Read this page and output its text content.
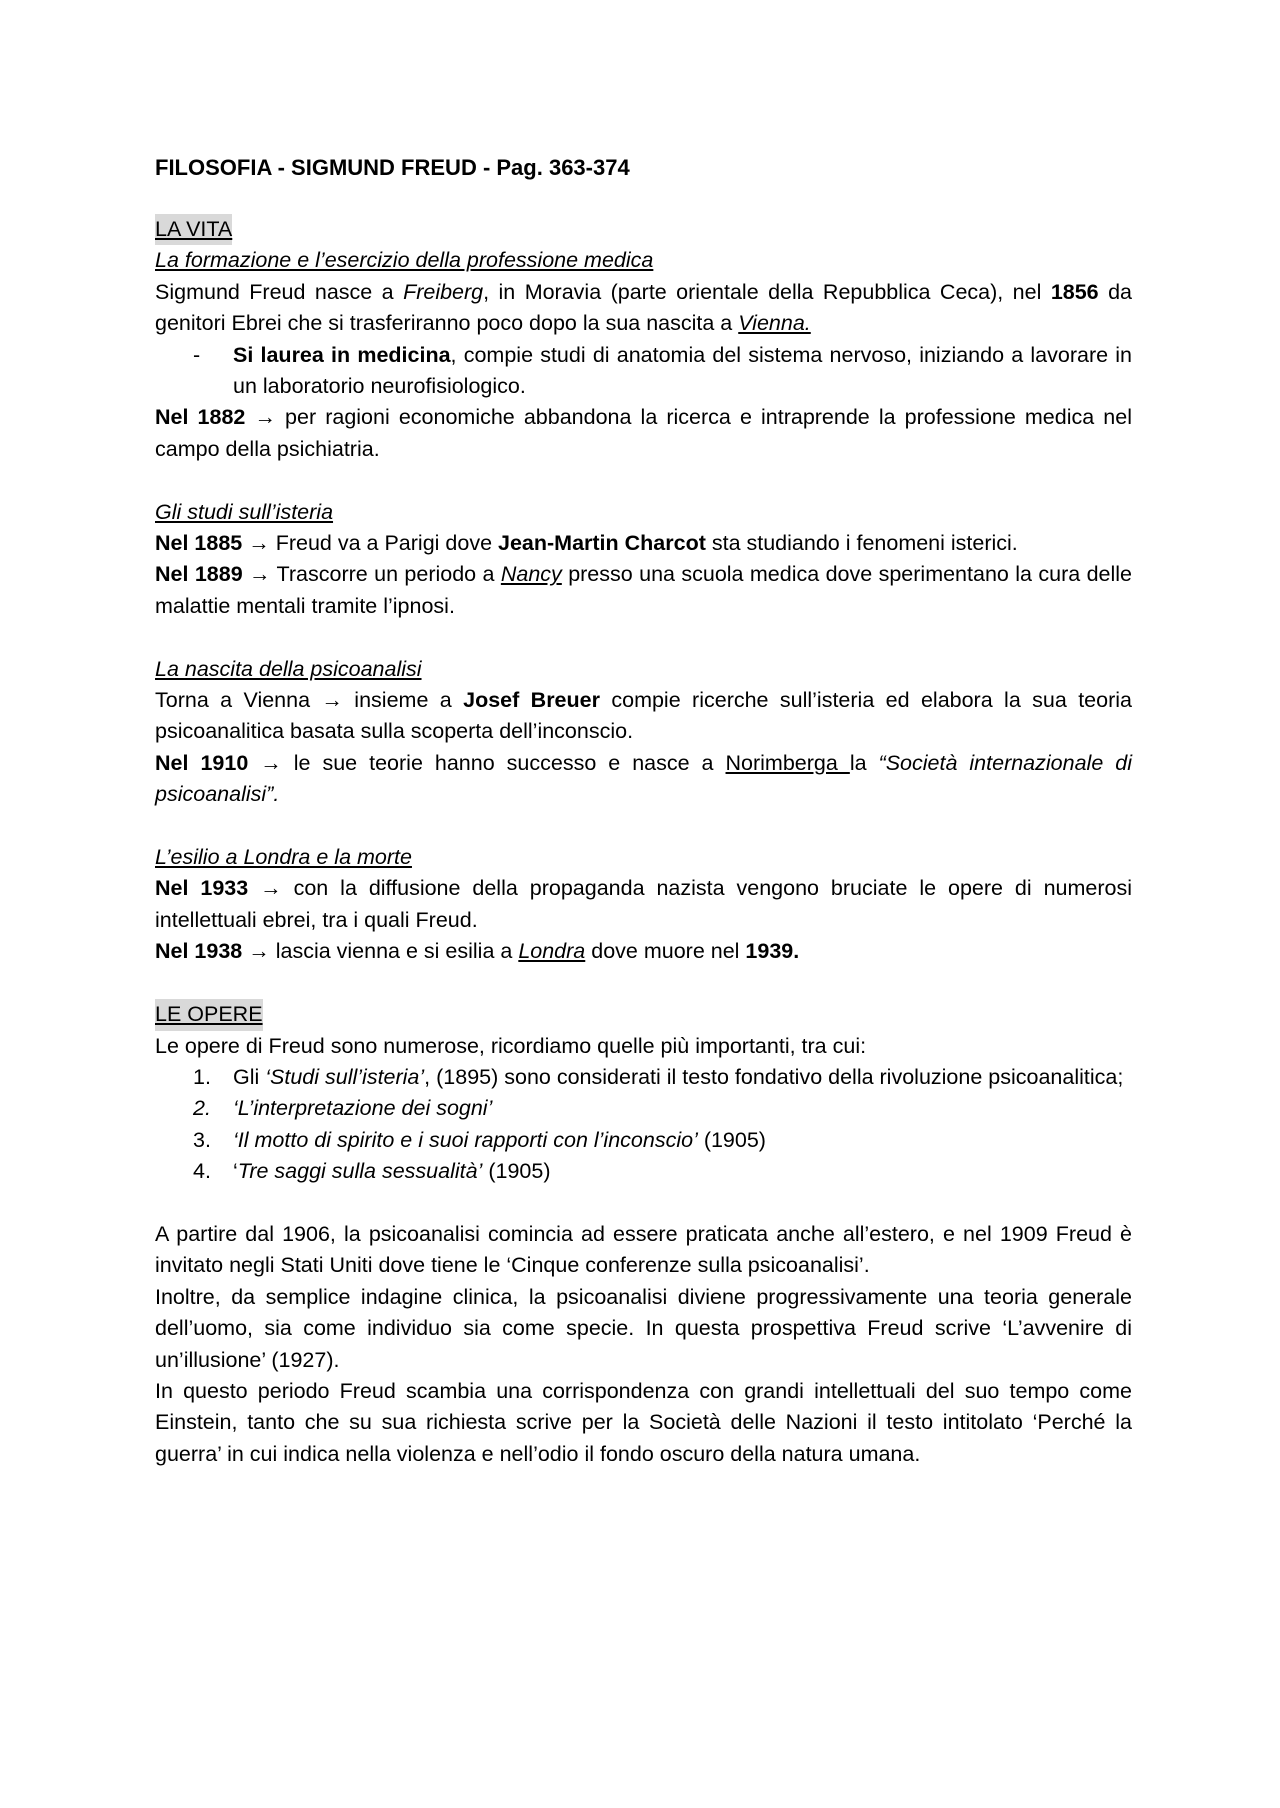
FILOSOFIA - SIGMUND FREUD - Pag. 363-374
LA VITA
La formazione e l’esercizio della professione medica

Sigmund Freud nasce a Freiberg, in Moravia (parte orientale della Repubblica Ceca), nel 1856 da genitori Ebrei che si trasferiranno poco dopo la sua nascita a Vienna.

- Si laurea in medicina, compie studi di anatomia del sistema nervoso, iniziando a lavorare in un laboratorio neurofisiologico.

Nel 1882 → per ragioni economiche abbandona la ricerca e intraprende la professione medica nel campo della psichiatria.

Gli studi sull’isteria

Nel 1885 → Freud va a Parigi dove Jean-Martin Charcot sta studiando i fenomeni isterici.

Nel 1889 → Trascorre un periodo a Nancy presso una scuola medica dove sperimentano la cura delle malattie mentali tramite l’ipnosi.

La nascita della psicoanalisi

Torna a Vienna → insieme a Josef Breuer compie ricerche sull’isteria ed elabora la sua teoria psicoanalitica basata sulla scoperta dell’inconscio.

Nel 1910 → le sue teorie hanno successo e nasce a Norimberga la “Società internazionale di psicoanalisi”.

L’esilio a Londra e la morte

Nel 1933 → con la diffusione della propaganda nazista vengono bruciate le opere di numerosi intellettuali ebrei, tra i quali Freud.

Nel 1938 → lascia vienna e si esilia a Londra dove muore nel 1939.

LE OPERE

Le opere di Freud sono numerose, ricordiamo quelle più importanti, tra cui:

1. Gli ‘Studi sull’isteria’, (1895) sono considerati il testo fondativo della rivoluzione psicoanalitica;
2. ‘L’interpretazione dei sogni’
3. ‘Il motto di spirito e i suoi rapporti con l’inconscio’ (1905)
4. ‘Tre saggi sulla sessualità’ (1905)

A partire dal 1906, la psicoanalisi comincia ad essere praticata anche all’estero, e nel 1909 Freud è invitato negli Stati Uniti dove tiene le ‘Cinque conferenze sulla psicoanalisi’.

Inoltre, da semplice indagine clinica, la psicoanalisi diviene progressivamente una teoria generale dell’uomo, sia come individuo sia come specie. In questa prospettiva Freud scrive ‘L’avvenire di un’illusione’ (1927).

In questo periodo Freud scambia una corrispondenza con grandi intellettuali del suo tempo come Einstein, tanto che su sua richiesta scrive per la Società delle Nazioni il testo intitolato ‘Perché la guerra’ in cui indica nella violenza e nell’odio il fondo oscuro della natura umana.
